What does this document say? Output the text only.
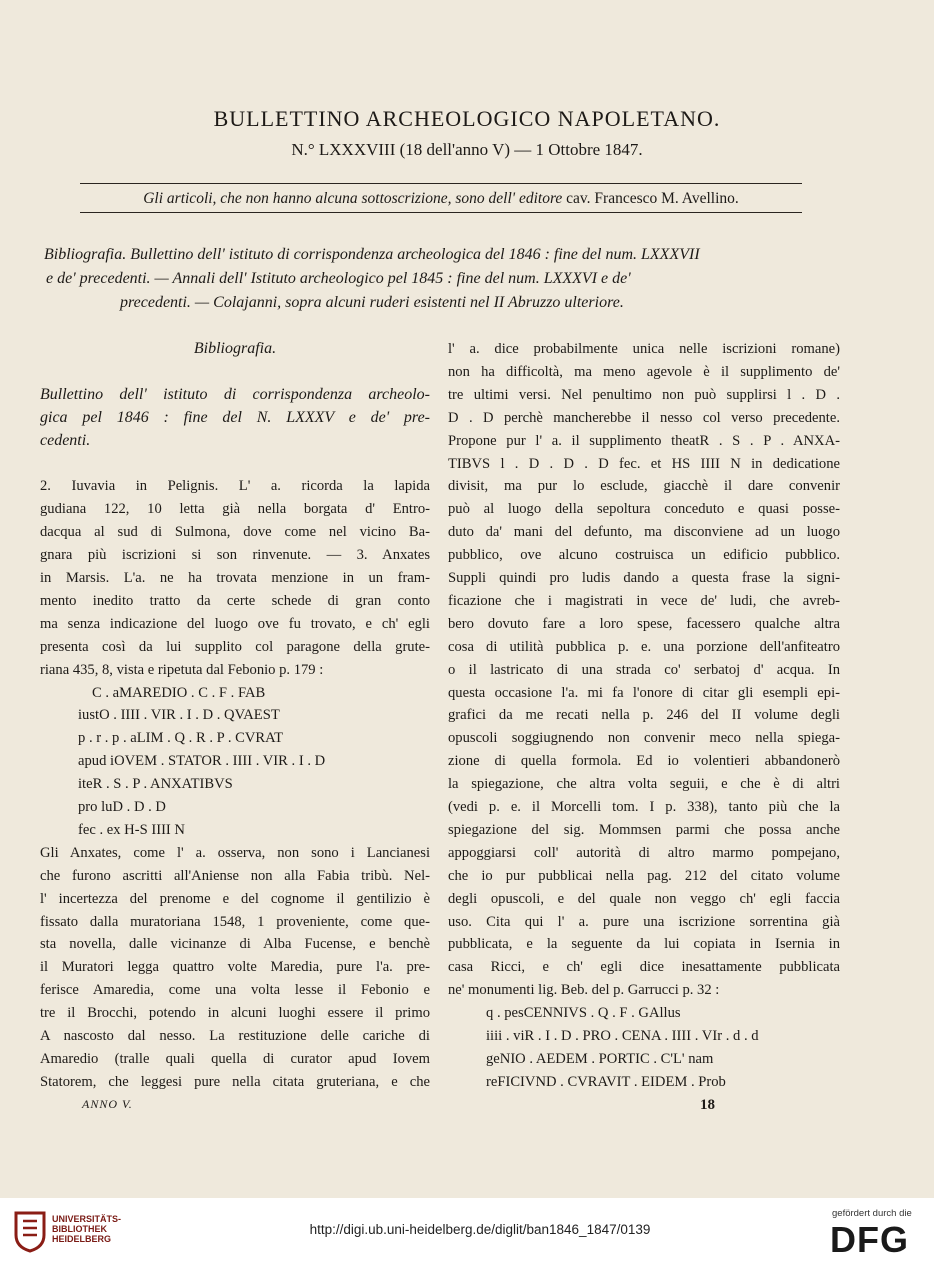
BULLETTINO ARCHEOLOGICO NAPOLETANO.
N.° LXXXVIII (18 dell'anno V) — 1 Ottobre 1847.
Gli articoli, che non hanno alcuna sottoscrizione, sono dell' editore cav. Francesco M. Avellino.
Bibliografia. Bullettino dell' istituto di corrispondenza archeologica del 1846 : fine del num. LXXXVII
e de' precedenti. — Annali dell' Istituto archeologico pel 1845 : fine del num. LXXXVI e de'
precedenti. — Colajanni, sopra alcuni ruderi esistenti nel II Abruzzo ulteriore.
Bibliografia.
Bullettino dell' istituto di corrispondenza archeolo-
gica pel 1846 : fine del N. LXXXV e de' pre-
cedenti.
2. Iuvavia in Pelignis. L' a. ricorda la lapida
gudiana 122, 10 letta già nella borgata d' Entro-
dacqua al sud di Sulmona, dove come nel vicino Ba-
gnara più iscrizioni si son rinvenute. — 3. Anxates
in Marsis. L'a. ne ha trovata menzione in un fram-
mento inedito tratto da certe schede di gran conto
ma senza indicazione del luogo ove fu trovato, e ch' egli
presenta così da lui supplito col paragone della grute-
riana 435, 8, vista e ripetuta dal Febonio p. 179 :
C . aMAREDIO . C . F . FAB
iustO . IIII . VIR . I . D . QVAEST
p . r . p . aLIM . Q . R . P . CVRAT
apud iOVEM . STATOR . IIII . VIR . I . D
iteR . S . P . ANXATIBVS
pro luD . D . D
fec . ex H-S IIII N
Gli Anxates, come l' a. osserva, non sono i Lancianesi
che furono ascritti all'Aniense non alla Fabia tribù. Nel-
l' incertezza del prenome e del cognome il gentilizio è
fissato dalla muratoriana 1548, 1 proveniente, come que-
sta novella, dalle vicinanze di Alba Fucense, e benchè
il Muratori legga quattro volte Maredia, pure l'a. pre-
ferisce Amaredia, come una volta lesse il Febonio e
tre il Brocchi, potendo in alcuni luoghi essere il primo
A nascosto dal nesso. La restituzione delle cariche di
Amaredio (tralle quali quella di curator apud Iovem
Statorem, che leggesi pure nella citata gruteriana, e che
l' a. dice probabilmente unica nelle iscrizioni romane)
non ha difficoltà, ma meno agevole è il supplimento de'
tre ultimi versi. Nel penultimo non può supplirsi l . D .
D . D perchè mancherebbe il nesso col verso precedente.
Propone pur l' a. il supplimento theatR . S . P . ANXA-
TIBVS l . D . D . D fec. et HS IIII N in dedicatione
divisit, ma pur lo esclude, giacchè il dare convenir
può al luogo della sepoltura conceduto e quasi posse-
duto da' mani del defunto, ma disconviene ad un luogo
pubblico, ove alcuno costruisca un edificio pubblico.
Suppli quindi pro ludis dando a questa frase la signi-
ficazione che i magistrati in vece de' ludi, che avreb-
bero dovuto fare a loro spese, facessero qualche altra
cosa di utilità pubblica p. e. una porzione dell'anfiteatro
o il lastricato di una strada co' serbatoj d' acqua. In
questa occasione l'a. mi fa l'onore di citar gli esempli epi-
grafici da me recati nella p. 246 del II volume degli
opuscoli soggiugnendo non convenir meco nella spiega-
zione di quella formola. Ed io volentieri abbandonerò
la spiegazione, che altra volta seguii, e che è di altri
(vedi p. e. il Morcelli tom. I p. 338), tanto più che la
spiegazione del sig. Mommsen parmi che possa anche
appoggiarsi coll' autorità di altro marmo pompejano,
che io pur pubblicai nella pag. 212 del citato volume
degli opuscoli, e del quale non veggo ch' egli faccia
uso. Cita qui l' a. pure una iscrizione sorrentina già
pubblicata, e la seguente da lui copiata in Isernia in
casa Ricci, e ch' egli dice inesattamente pubblicata
ne' monumenti lig. Beb. del p. Garrucci p. 32 :
q . pesCENNIVS . Q . F . GAllus
iiii . viR . I . D . PRO . CENA . IIII . VIr . d . d
geNIO . AEDEM . PORTIC . C'L' nam
reFICIVND . CVRAVIT . EIDEM . Prob
ANNO V.	18
UNIVERSITÄTS-
BIBLIOTHEK
HEIDELBERG
http://digi.ub.uni-heidelberg.de/diglit/ban1846_1847/0139
gefördert durch die
DFG
